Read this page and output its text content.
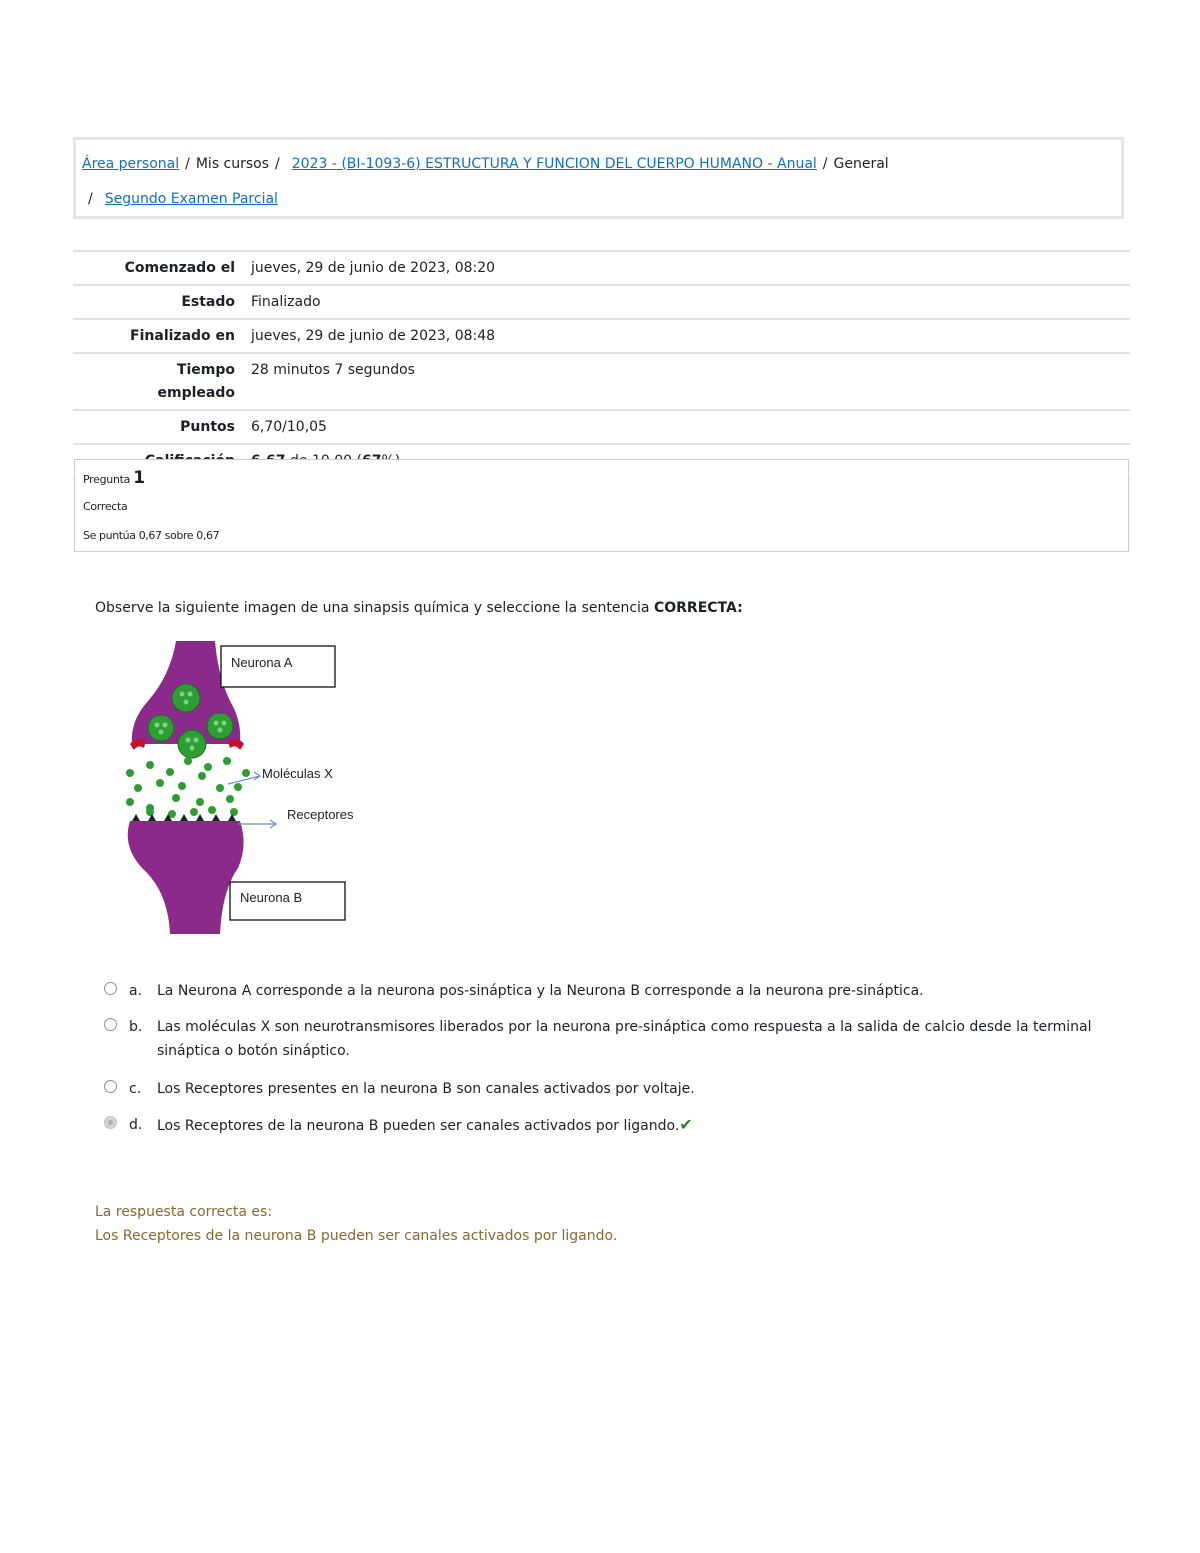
Área personal / Mis cursos / 2023 - (BI-1093-6) ESTRUCTURA Y FUNCION DEL CUERPO HUMANO - Anual / General
/ Segundo Examen Parcial
Comenzado el	jueves, 29 de junio de 2023, 08:20
Estado	Finalizado
Finalizado en	jueves, 29 de junio de 2023, 08:48
Tiempo
empleado	28 minutos 7 segundos
Puntos	6,70/10,05

Pregunta 1
Correcta
Se puntúa 0,67 sobre 0,67
Observe la siguiente imagen de una sinapsis química y seleccione la sentencia CORRECTA:
Neurona A
Moléculas X
Receptores
Neurona B
a. La Neurona A corresponde a la neurona pos-sináptica y la Neurona B corresponde a la neurona pre-sináptica.
b. Las moléculas X son neurotransmisores liberados por la neurona pre-sináptica como respuesta a la salida de calcio desde la terminal sináptica o botón sináptico.
c. Los Receptores presentes en la neurona B son canales activados por voltaje.
d. Los Receptores de la neurona B pueden ser canales activados por ligando.✔
La respuesta correcta es:
Los Receptores de la neurona B pueden ser canales activados por ligando.
